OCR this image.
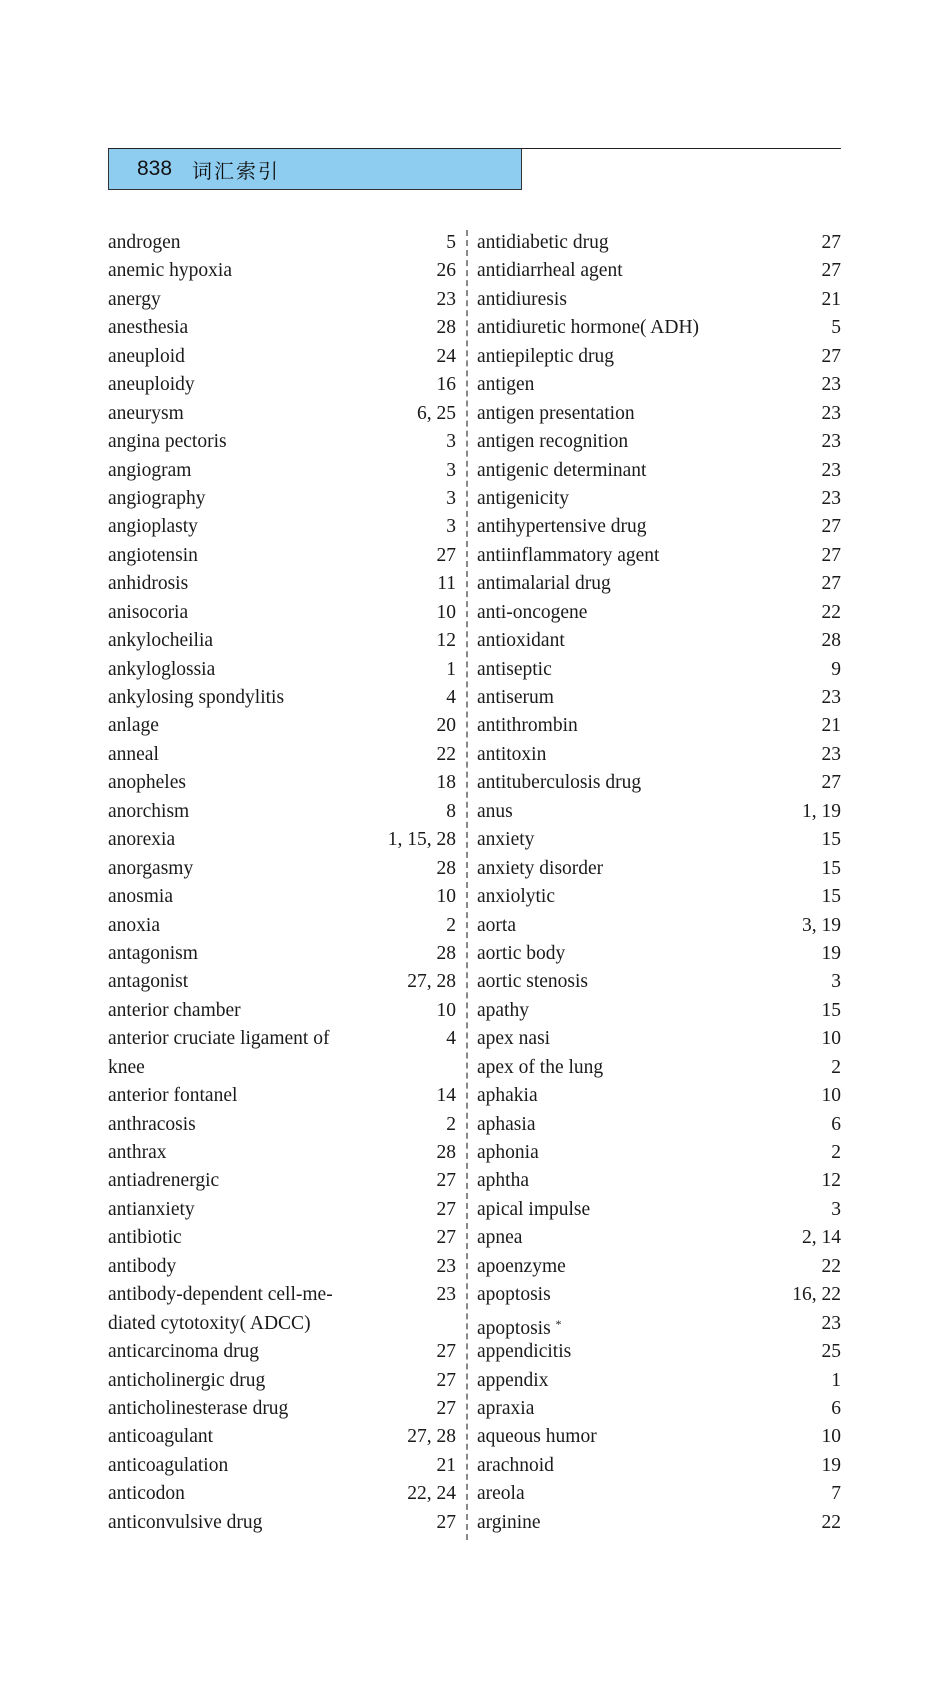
838 词汇索引
androgen	5
anemic hypoxia	26
anergy	23
anesthesia	28
aneuploid	24
aneuploidy	16
aneurysm	6, 25
angina pectoris	3
angiogram	3
angiography	3
angioplasty	3
angiotensin	27
anhidrosis	11
anisocoria	10
ankylocheilia	12
ankyloglossia	1
ankylosing spondylitis	4
anlage	20
anneal	22
anopheles	18
anorchism	8
anorexia	1, 15, 28
anorgasmy	28
anosmia	10
anoxia	2
antagonism	28
antagonist	27, 28
anterior chamber	10
anterior cruciate ligament of	4
knee
anterior fontanel	14
anthracosis	2
anthrax	28
antiadrenergic	27
antianxiety	27
antibiotic	27
antibody	23
antibody-dependent cell-me-	23
diated cytotoxity( ADCC)
anticarcinoma drug	27
anticholinergic drug	27
anticholinesterase drug	27
anticoagulant	27, 28
anticoagulation	21
anticodon	22, 24
anticonvulsive drug	27
antidiabetic drug	27
antidiarrheal agent	27
antidiuresis	21
antidiuretic hormone( ADH)	5
antiepileptic drug	27
antigen	23
antigen presentation	23
antigen recognition	23
antigenic determinant	23
antigenicity	23
antihypertensive drug	27
antiinflammatory agent	27
antimalarial drug	27
anti-oncogene	22
antioxidant	28
antiseptic	9
antiserum	23
antithrombin	21
antitoxin	23
antituberculosis drug	27
anus	1, 19
anxiety	15
anxiety disorder	15
anxiolytic	15
aorta	3, 19
aortic body	19
aortic stenosis	3
apathy	15
apex nasi	10
apex of the lung	2
aphakia	10
aphasia	6
aphonia	2
aphtha	12
apical impulse	3
apnea	2, 14
apoenzyme	22
apoptosis	16, 22
apoptosis *	23
appendicitis	25
appendix	1
apraxia	6
aqueous humor	10
arachnoid	19
areola	7
arginine	22
